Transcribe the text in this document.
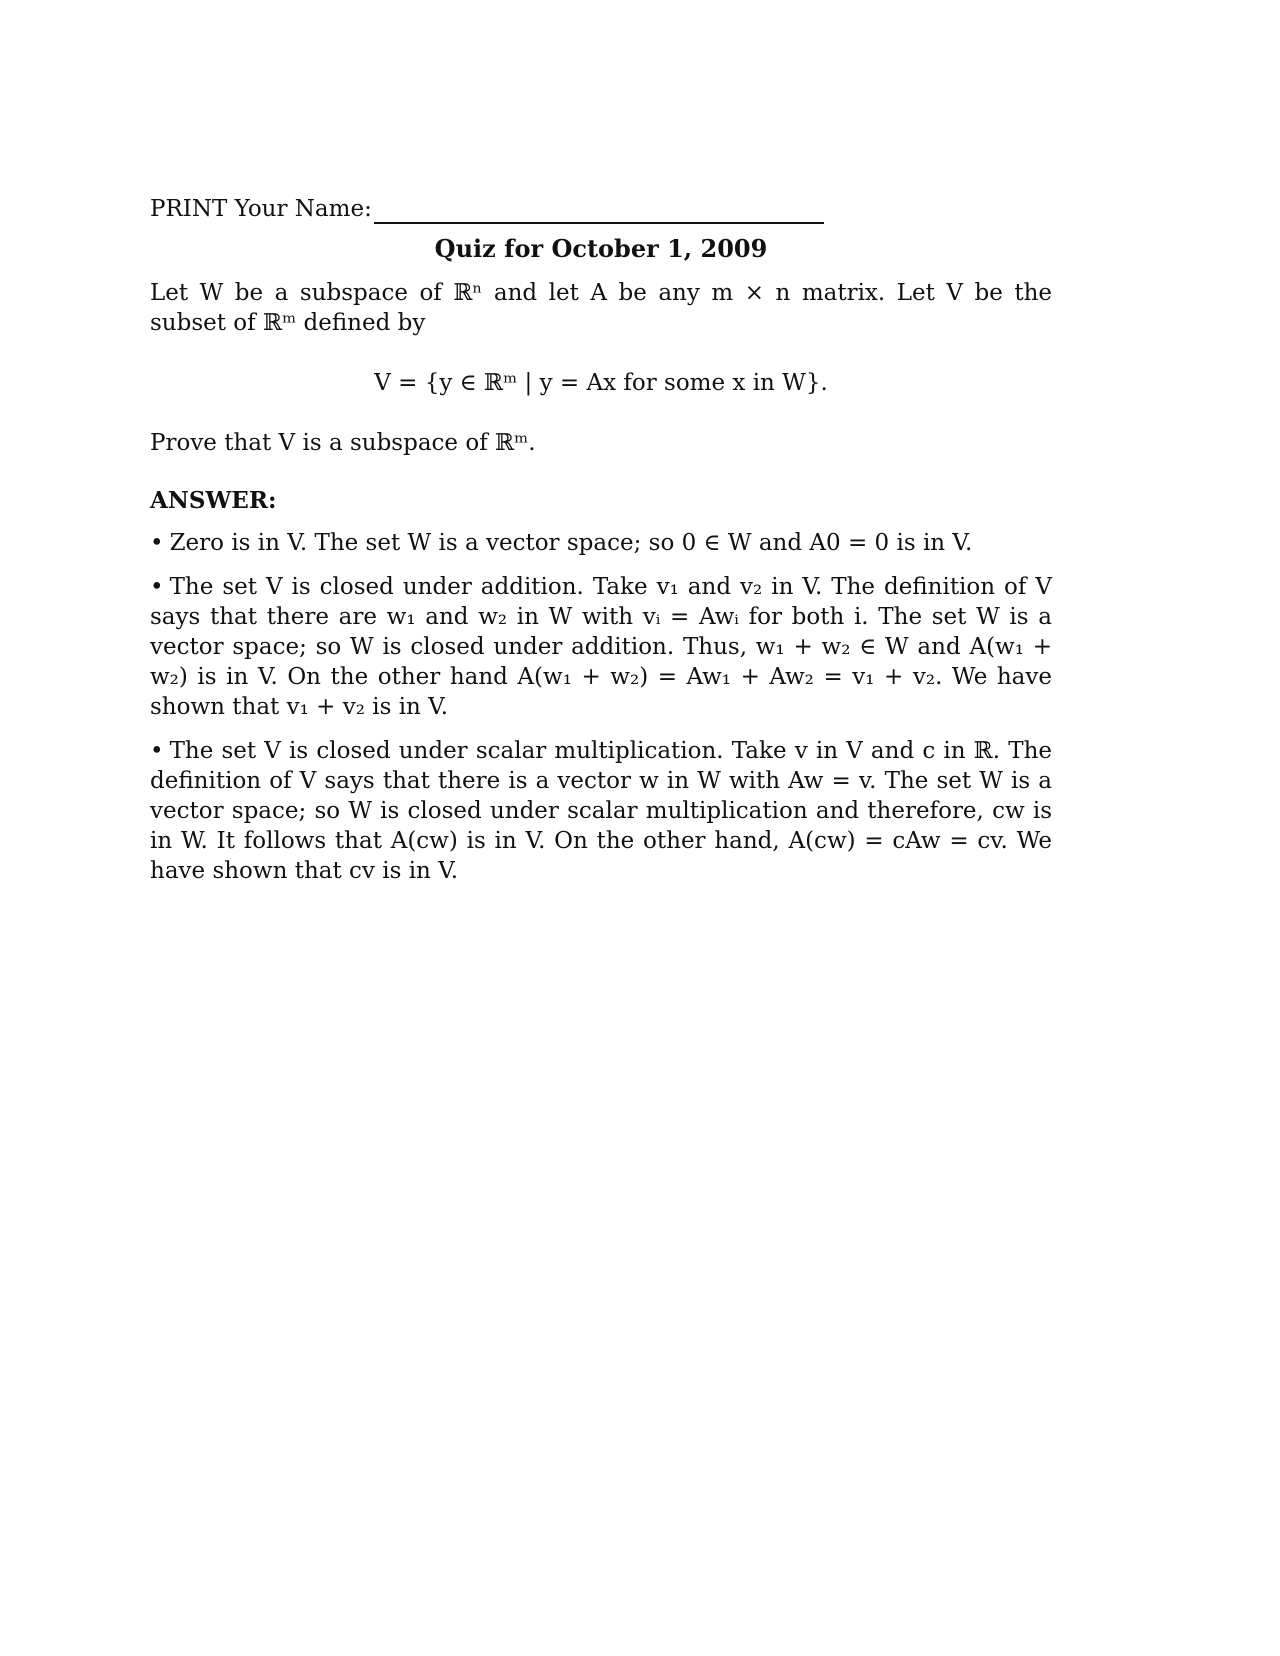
PRINT Your Name:
Quiz for October 1, 2009

Let W be a subspace of ℝⁿ and let A be any m × n matrix. Let V be the subset of ℝᵐ defined by

V = {y ∈ ℝᵐ | y = Ax for some x in W}.

Prove that V is a subspace of ℝᵐ.

ANSWER:

• Zero is in V. The set W is a vector space; so 0 ∈ W and A0 = 0 is in V.

• The set V is closed under addition. Take v₁ and v₂ in V. The definition of V says that there are w₁ and w₂ in W with vᵢ = Awᵢ for both i. The set W is a vector space; so W is closed under addition. Thus, w₁ + w₂ ∈ W and A(w₁ + w₂) is in V. On the other hand A(w₁ + w₂) = Aw₁ + Aw₂ = v₁ + v₂. We have shown that v₁ + v₂ is in V.

• The set V is closed under scalar multiplication. Take v in V and c in ℝ. The definition of V says that there is a vector w in W with Aw = v. The set W is a vector space; so W is closed under scalar multiplication and therefore, cw is in W. It follows that A(cw) is in V. On the other hand, A(cw) = cAw = cv. We have shown that cv is in V.
